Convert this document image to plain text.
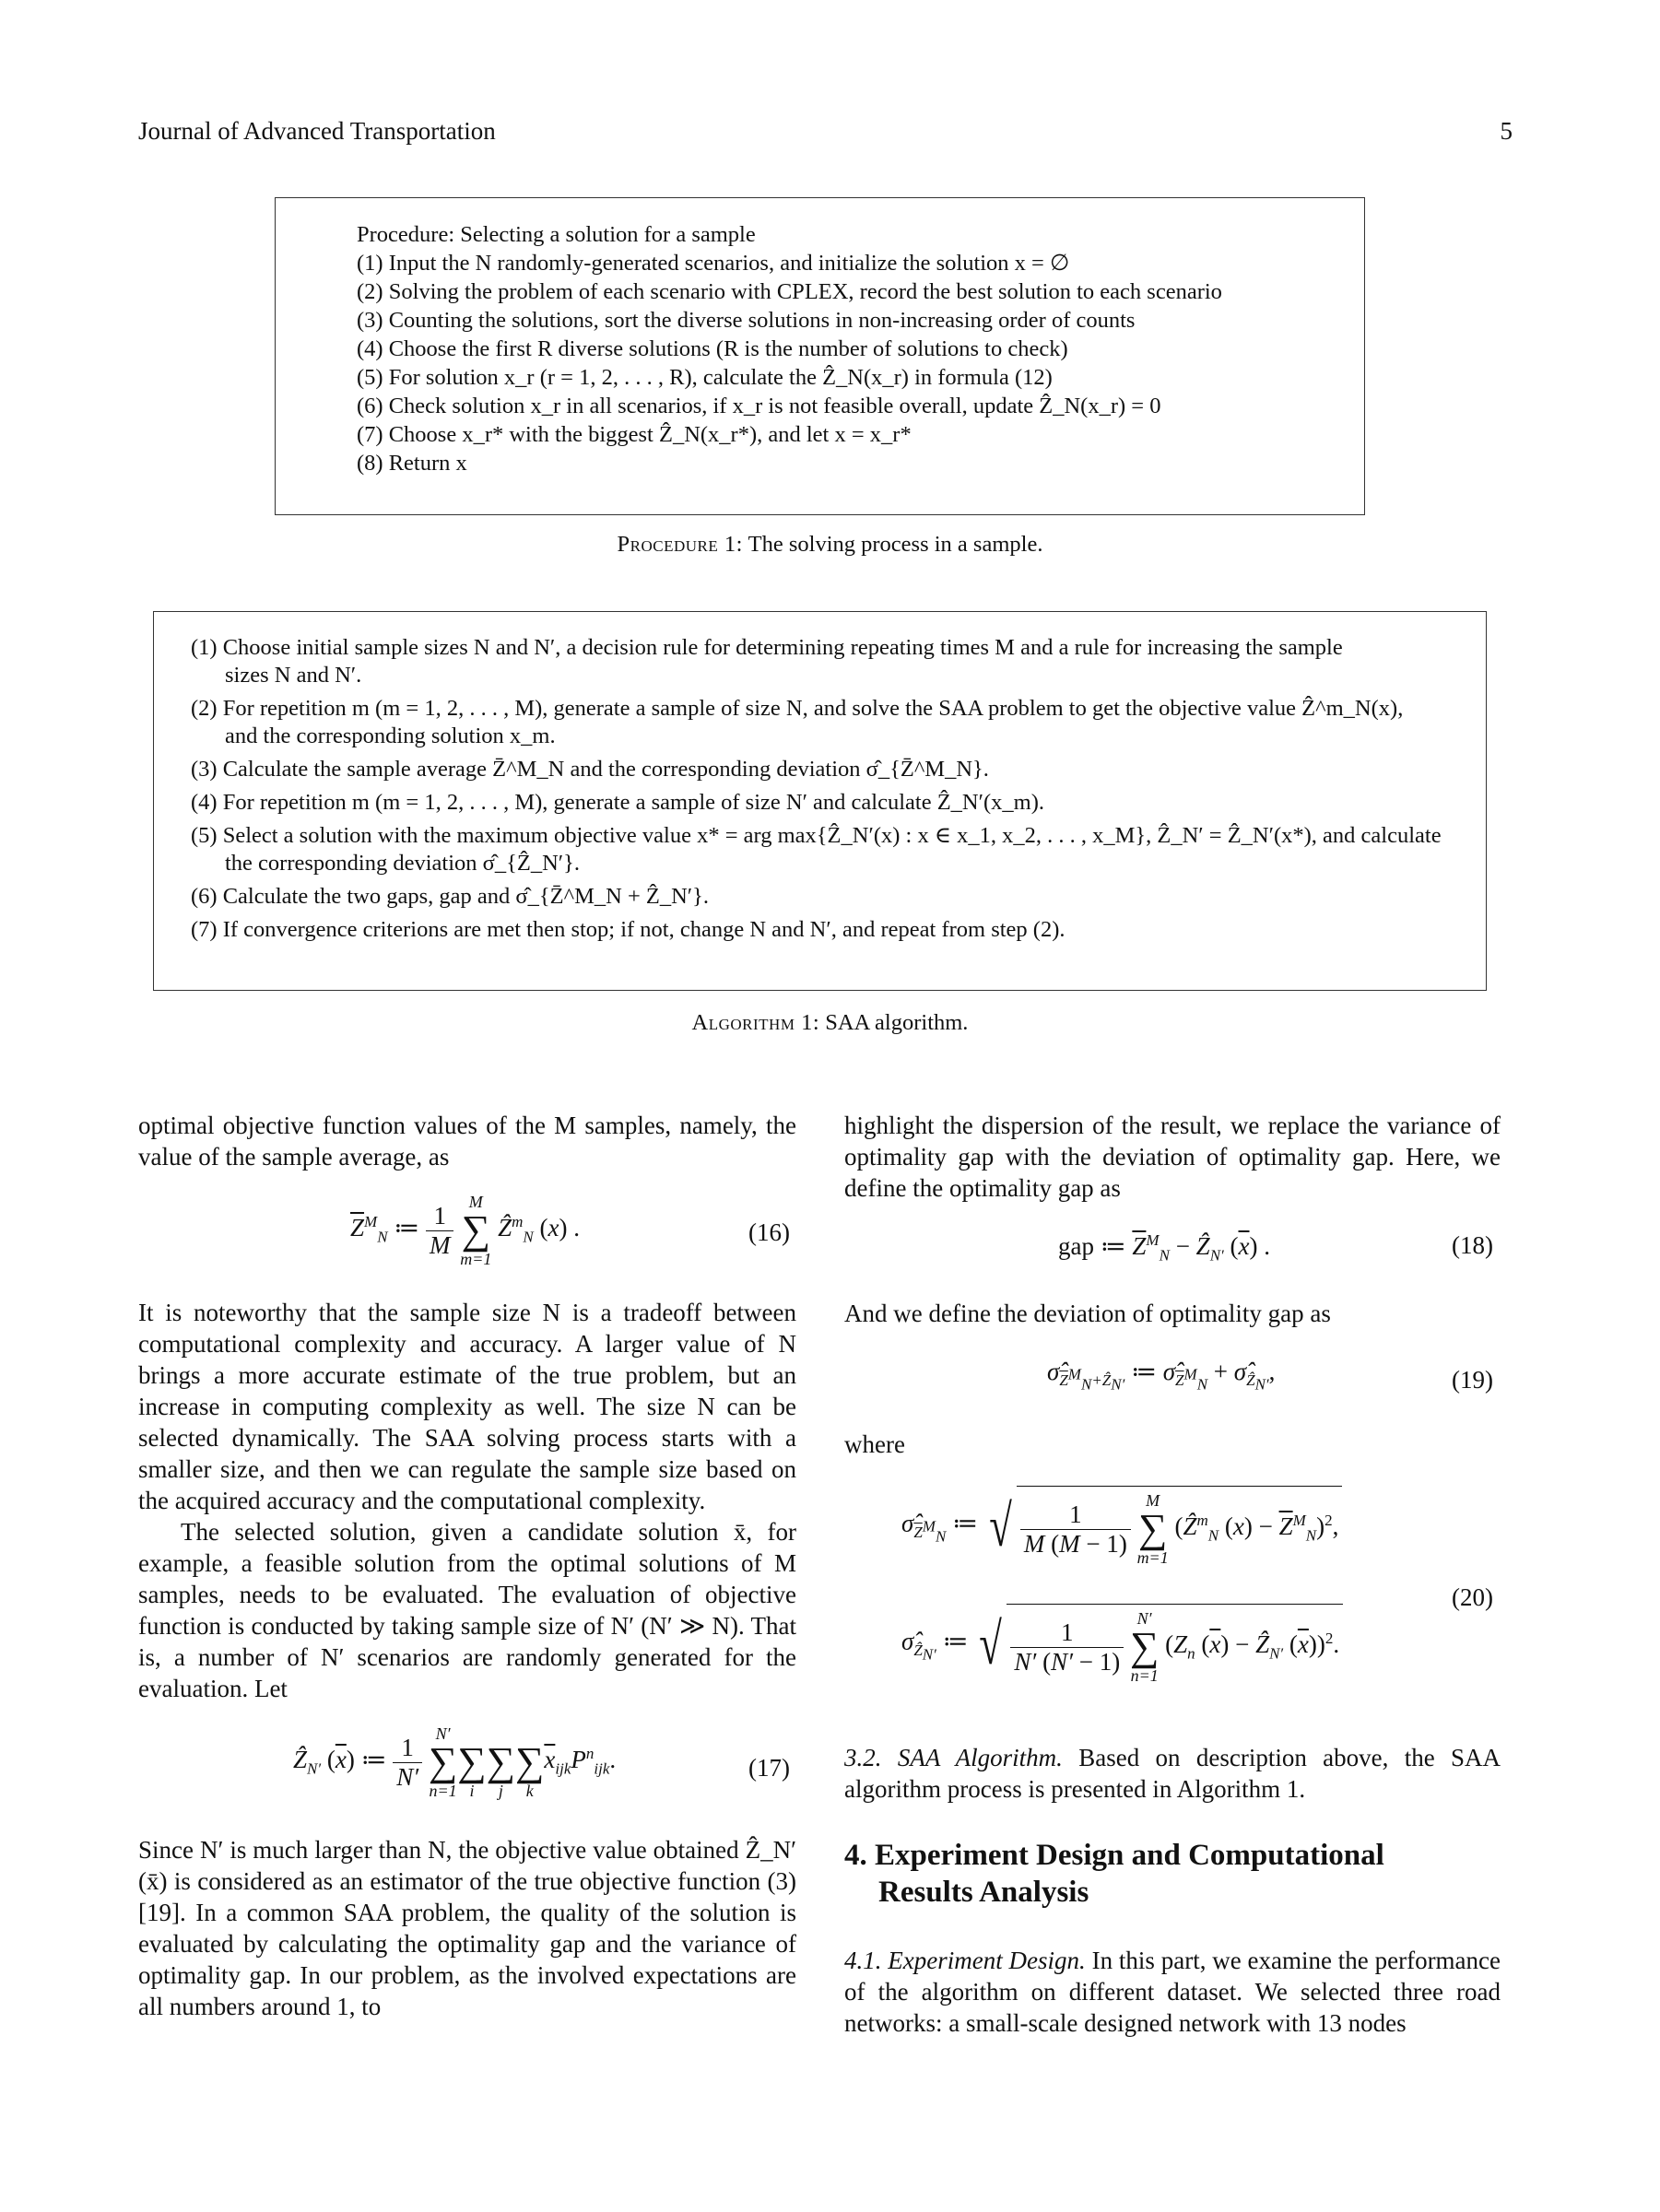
Journal of Advanced Transportation	5
Procedure: Selecting a solution for a sample
(1) Input the N randomly-generated scenarios, and initialize the solution x = ∅
(2) Solving the problem of each scenario with CPLEX, record the best solution to each scenario
(3) Counting the solutions, sort the diverse solutions in non-increasing order of counts
(4) Choose the first R diverse solutions (R is the number of solutions to check)
(5) For solution x_r (r = 1, 2, . . . , R), calculate the Ẑ_N(x_r) in formula (12)
(6) Check solution x_r in all scenarios, if x_r is not feasible overall, update Ẑ_N(x_r) = 0
(7) Choose x_r* with the biggest Ẑ_N(x_r*), and let x = x_r*
(8) Return x
Procedure 1: The solving process in a sample.
(1) Choose initial sample sizes N and N′, a decision rule for determining repeating times M and a rule for increasing the sample
sizes N and N′.
(2) For repetition m (m = 1, 2, . . . , M), generate a sample of size N, and solve the SAA problem to get the objective value Ẑ^m_N(x),
and the corresponding solution x_m.
(3) Calculate the sample average Z̄^M_N and the corresponding deviation σ̂_{Z̄^M_N}.
(4) For repetition m (m = 1, 2, . . . , M), generate a sample of size N′ and calculate Ẑ_N′(x_m).
(5) Select a solution with the maximum objective value x* = arg max{Ẑ_N′(x) : x ∈ x_1, x_2, . . . , x_M}, Ẑ_N′ = Ẑ_N′(x*), and calculate
the corresponding deviation σ̂_{Ẑ_N′}.
(6) Calculate the two gaps, gap and σ̂_{Z̄^M_N + Ẑ_N′}.
(7) If convergence criterions are met then stop; if not, change N and N′, and repeat from step (2).
Algorithm 1: SAA algorithm.
optimal objective function values of the M samples, namely, the value of the sample average, as
$\overline{Z}^M_N$ ≔ $\frac{1}{M}$
M
∑
m=1
Ẑ$^m_N$ (x) .	(16)
It is noteworthy that the sample size N is a tradeoff between computational complexity and accuracy. A larger value of N brings a more accurate estimate of the true problem, but an increase in computing complexity as well. The size N can be selected dynamically. The SAA solving process starts with a smaller size, and then we can regulate the sample size based on the acquired accuracy and the computational complexity.
The selected solution, given a candidate solution x̄, for example, a feasible solution from the optimal solutions of M samples, needs to be evaluated. The evaluation of objective function is conducted by taking sample size of N′ (N′ ≫ N). That is, a number of N′ scenarios are randomly generated for the evaluation. Let
Ẑ$_{N'}$ $(\overline{x})$ ≔ $\frac{1}{N'}$
N′
∑
n=1

∑
i

∑
j

∑
k
$\overline{x}_{ijk}P^n_{ijk}$.	(17)
Since N′ is much larger than N, the objective value obtained Ẑ_N′(x̄) is considered as an estimator of the true objective function (3) [19]. In a common SAA problem, the quality of the solution is evaluated by calculating the optimality gap and the variance of optimality gap. In our problem, as the involved expectations are all numbers around 1, to
highlight the dispersion of the result, we replace the variance of optimality gap with the deviation of optimality gap. Here, we define the optimality gap as
gap ≔ $\overline{Z}^M_N$ − Ẑ$_{N'}$ $(\overline{x})$ .	(18)
And we define the deviation of optimality gap as
$\sigmâ_{\overline{Z}^M_N+Ẑ_{N'}}$ ≔ $\sigmâ_{\overline{Z}^M_N}$ + $\sigmâ_{Ẑ_{N'}}$,	(19)
where
$\sigmâ_{\overline{Z}^M_N}$ ≔ √ $\frac{1}{M (M - 1)}$
M
∑
m=1
(Ẑ$^m_N$ $(x) - \overline{Z}^M_N)^2$,
$\sigmâ_{Ẑ_{N'}}$ ≔ √ $\frac{1}{N' (N' - 1)}$
N′
∑
n=1
($Z_n$ $(\overline{x})$ − Ẑ$_{N'}$ $(\overline{x}))^2$.
(20)
3.2. SAA Algorithm. Based on description above, the SAA algorithm process is presented in Algorithm 1.
4. Experiment Design and Computational
Results Analysis
4.1. Experiment Design. In this part, we examine the performance of the algorithm on different dataset. We selected three road networks: a small-scale designed network with 13 nodes
